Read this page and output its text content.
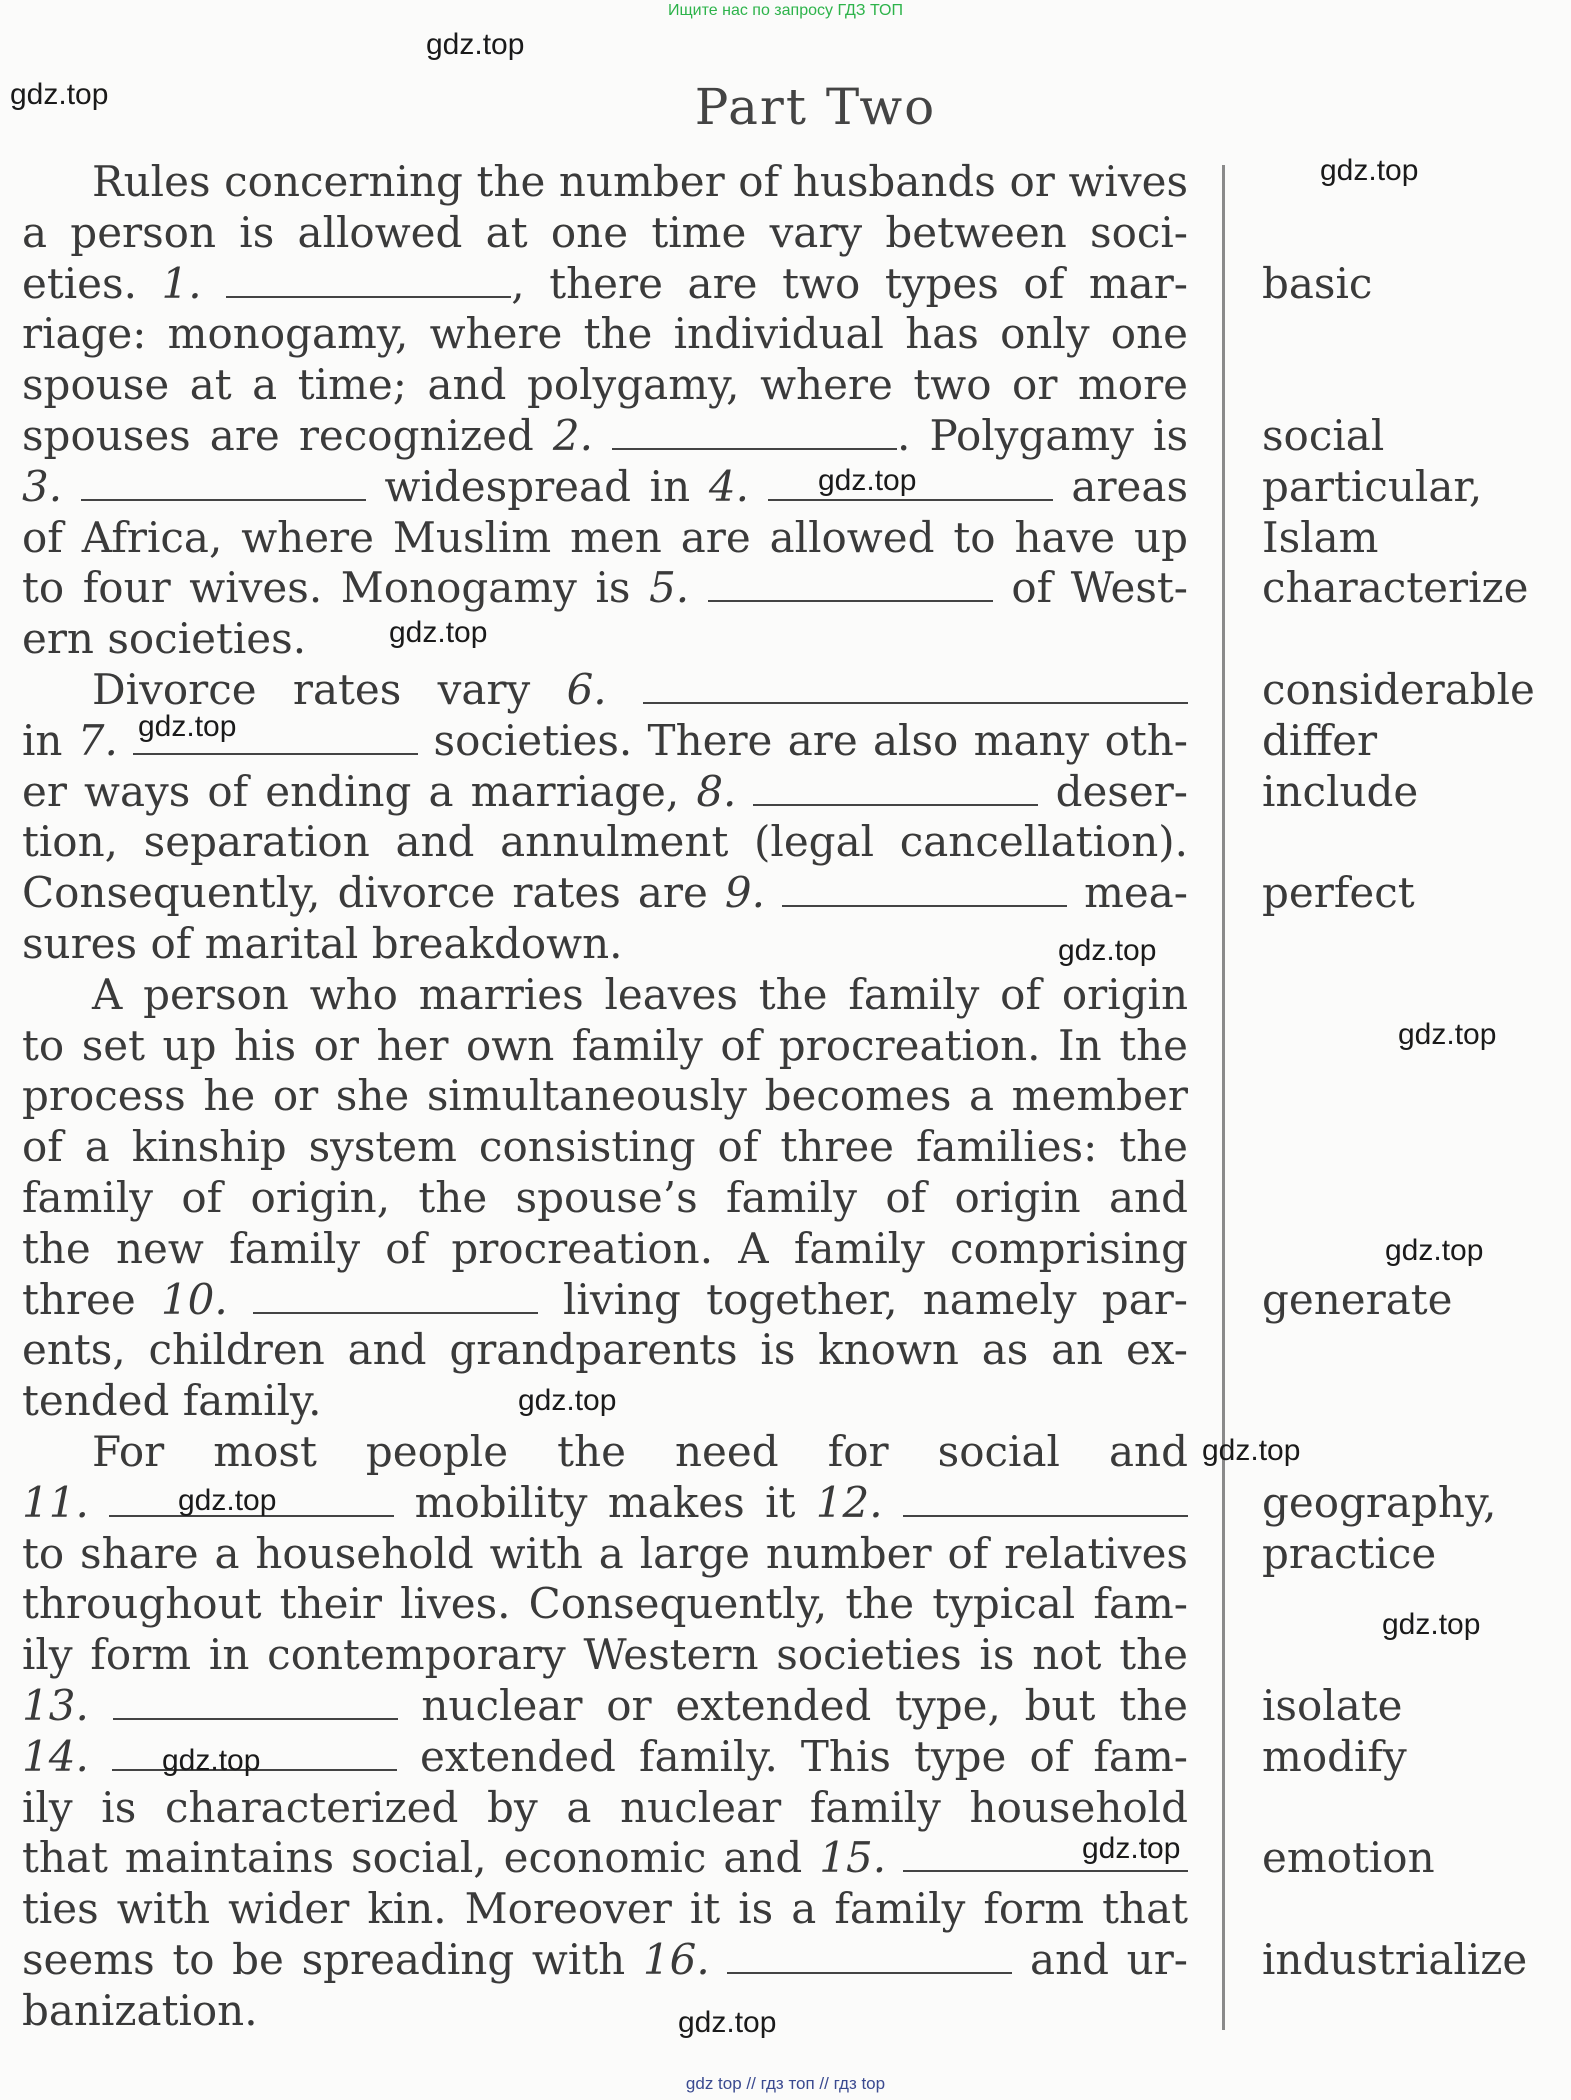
Ищите нас по запросу ГДЗ ТОП
Part Two
Rules concerning the number of husbands or wives
a person is allowed at one time vary between soci-
eties. 1.	, there are two types of mar-
riage: monogamy, where the individual has only one
spouse at a time; and polygamy, where two or more
spouses are recognized 2.	. Polygamy is
3.	widespread in 4.	areas
of Africa, where Muslim men are allowed to have up
to four wives. Monogamy is 5.	of West-
ern societies.
Divorce rates vary 6.
in 7.	societies. There are also many oth-
er ways of ending a marriage, 8.	deser-
tion, separation and annulment (legal cancellation).
Consequently, divorce rates are 9.	mea-
sures of marital breakdown.
A person who marries leaves the family of origin
to set up his or her own family of procreation. In the
process he or she simultaneously becomes a member
of a kinship system consisting of three families: the
family of origin, the spouse’s family of origin and
the new family of procreation. A family comprising
three 10.	living together, namely par-
ents, children and grandparents is known as an ex-
tended family.
For most people the need for social and
11.	mobility makes it 12.
to share a household with a large number of relatives
throughout their lives. Consequently, the typical fam-
ily form in contemporary Western societies is not the
13.	nuclear or extended type, but the
14.	extended family. This type of fam-
ily is characterized by a nuclear family household
that maintains social, economic and 15.
ties with wider kin. Moreover it is a family form that
seems to be spreading with 16.	and ur-
banization.
basic
social
particular,
Islam
characterize
considerable
differ
include
perfect
generate
geography,
practice
isolate
modify
emotion
industrialize
gdz.top
gdz.top
gdz.top
gdz.top
gdz.top
gdz.top
gdz.top
gdz.top
gdz.top
gdz.top
gdz.top
gdz.top
gdz.top
gdz.top
gdz.top
gdz.top
gdz top // гдз топ // гдз top
